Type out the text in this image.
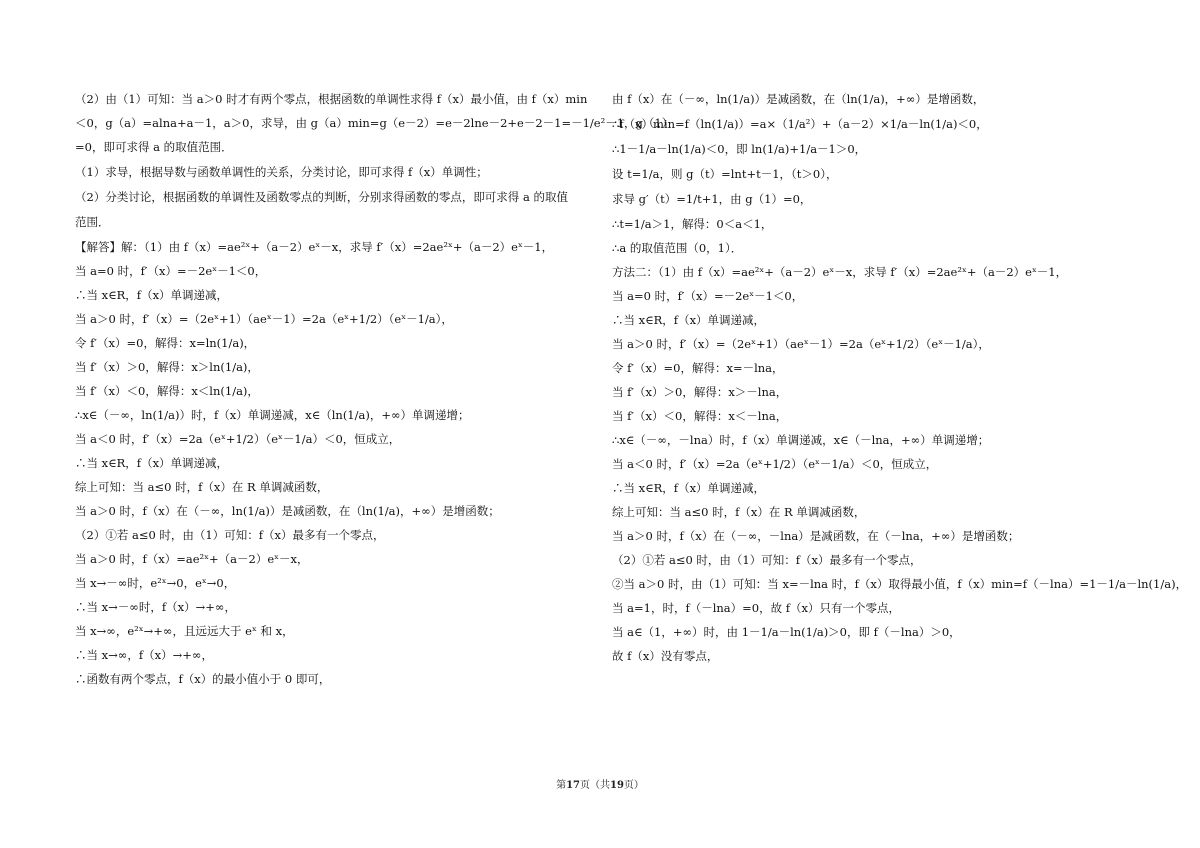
（2）由（1）可知：当 a＞0 时才有两个零点，根据函数的单调性求得 f（x）最小值，由 f（x）min

＜0，g（a）=alna+a－1，a＞0，求导，由 g（a）min=g（e－2）=e－2lne－2+e－2－1=－1/e²－1，g（1）

=0，即可求得 a 的取值范围．

（1）求导，根据导数与函数单调性的关系，分类讨论，即可求得 f（x）单调性；

（2）分类讨论，根据函数的单调性及函数零点的判断，分别求得函数的零点，即可求得 a 的取值

范围．

【解答】解：（1）由 f（x）=ae²ˣ+（a－2）eˣ－x，求导 f′（x）=2ae²ˣ+（a－2）eˣ－1，

当 a=0 时，f′（x）=－2eˣ－1＜0，

∴当 x∈R，f（x）单调递减，

当 a＞0 时，f′（x）=（2eˣ+1）（aeˣ－1）=2a（eˣ+1/2）（eˣ－1/a），

令 f′（x）=0，解得：x=ln(1/a)，

当 f′（x）＞0，解得：x＞ln(1/a)，

当 f′（x）＜0，解得：x＜ln(1/a)，

∴x∈（－∞，ln(1/a)）时，f（x）单调递减，x∈（ln(1/a)，+∞）单调递增；

当 a＜0 时，f′（x）=2a（eˣ+1/2）（eˣ－1/a）＜0，恒成立，

∴当 x∈R，f（x）单调递减，

综上可知：当 a≤0 时，f（x）在 R 单调减函数，

当 a＞0 时，f（x）在（－∞，ln(1/a)）是减函数，在（ln(1/a)，+∞）是增函数；

（2）①若 a≤0 时，由（1）可知：f（x）最多有一个零点，

当 a＞0 时，f（x）=ae²ˣ+（a－2）eˣ－x，

当 x→－∞时，e²ˣ→0，eˣ→0，

∴当 x→－∞时，f（x）→+∞，

当 x→∞，e²ˣ→+∞，且远远大于 eˣ 和 x，

∴当 x→∞，f（x）→+∞，

∴函数有两个零点，f（x）的最小值小于 0 即可，

由 f（x）在（－∞，ln(1/a)）是减函数，在（ln(1/a)，+∞）是增函数，

∴f（x）min=f（ln(1/a)）=a×（1/a²）+（a－2）×1/a－ln(1/a)＜0，

∴1－1/a－ln(1/a)＜0，即 ln(1/a)+1/a－1＞0，

设 t=1/a，则 g（t）=lnt+t－1，（t＞0），

求导 g′（t）=1/t+1，由 g（1）=0，

∴t=1/a＞1，解得：0＜a＜1，

∴a 的取值范围（0，1）．

方法二：（1）由 f（x）=ae²ˣ+（a－2）eˣ－x，求导 f′（x）=2ae²ˣ+（a－2）eˣ－1，

当 a=0 时，f′（x）=－2eˣ－1＜0，

∴当 x∈R，f（x）单调递减，

当 a＞0 时，f′（x）=（2eˣ+1）（aeˣ－1）=2a（eˣ+1/2）（eˣ－1/a），

令 f′（x）=0，解得：x=－lna，

当 f′（x）＞0，解得：x＞－lna，

当 f′（x）＜0，解得：x＜－lna，

∴x∈（－∞，－lna）时，f（x）单调递减，x∈（－lna，+∞）单调递增；

当 a＜0 时，f′（x）=2a（eˣ+1/2）（eˣ－1/a）＜0，恒成立，

∴当 x∈R，f（x）单调递减，

综上可知：当 a≤0 时，f（x）在 R 单调减函数，

当 a＞0 时，f（x）在（－∞，－lna）是减函数，在（－lna，+∞）是增函数；

（2）①若 a≤0 时，由（1）可知：f（x）最多有一个零点，

②当 a＞0 时，由（1）可知：当 x=－lna 时，f（x）取得最小值，f（x）min=f（－lna）=1－1/a－ln(1/a)，

当 a=1，时，f（－lna）=0，故 f（x）只有一个零点，

当 a∈（1，+∞）时，由 1－1/a－ln(1/a)＞0，即 f（－lna）＞0，

故 f（x）没有零点，

第17页（共19页）
